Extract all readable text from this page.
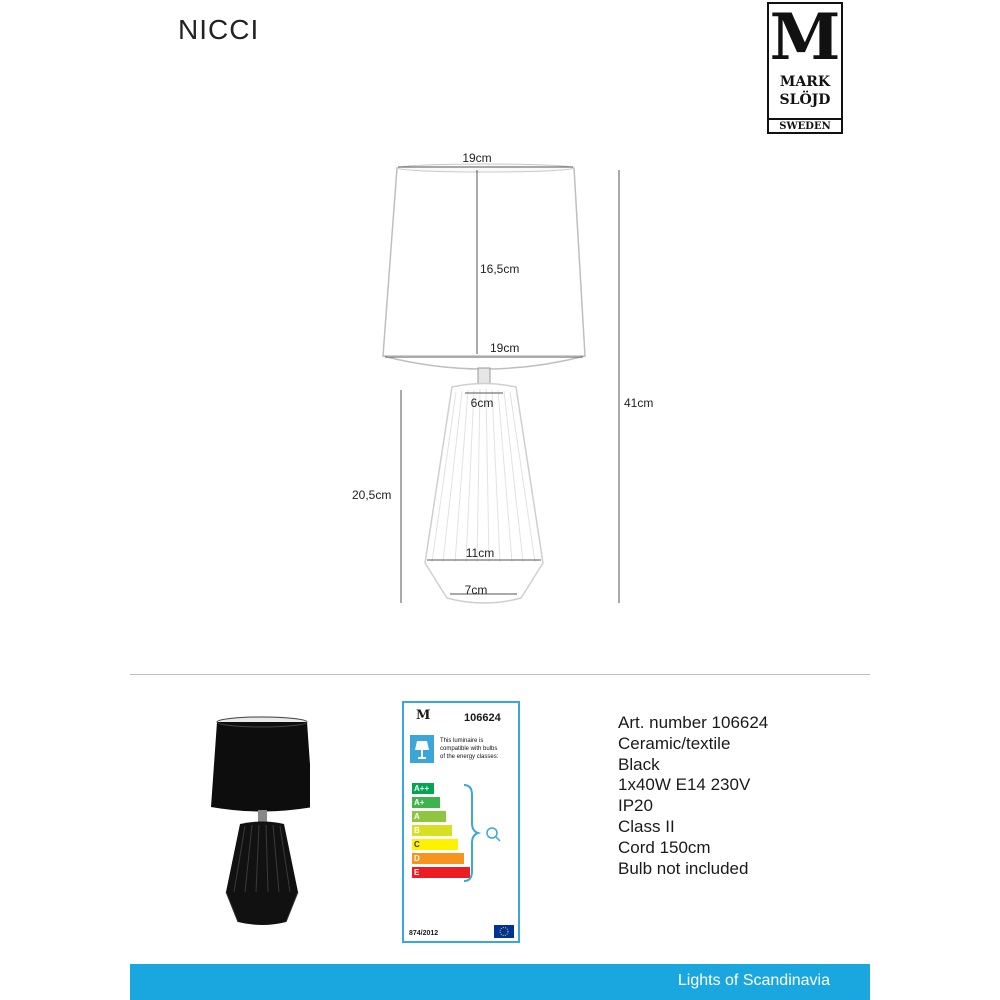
NICCI	M
MARK
SLÖJD
SWEDEN
19cm
16,5cm
19cm
6cm
20,5cm
11cm
7cm
41cm
M	106624
This luminaire is
compatible with bulbs
of the energy classes:
A++
A+
A
B
C
D
E
874/2012
Art. number 106624
Ceramic/textile
Black
1x40W E14 230V
IP20
Class II
Cord 150cm
Bulb not included
Lights of Scandinavia
